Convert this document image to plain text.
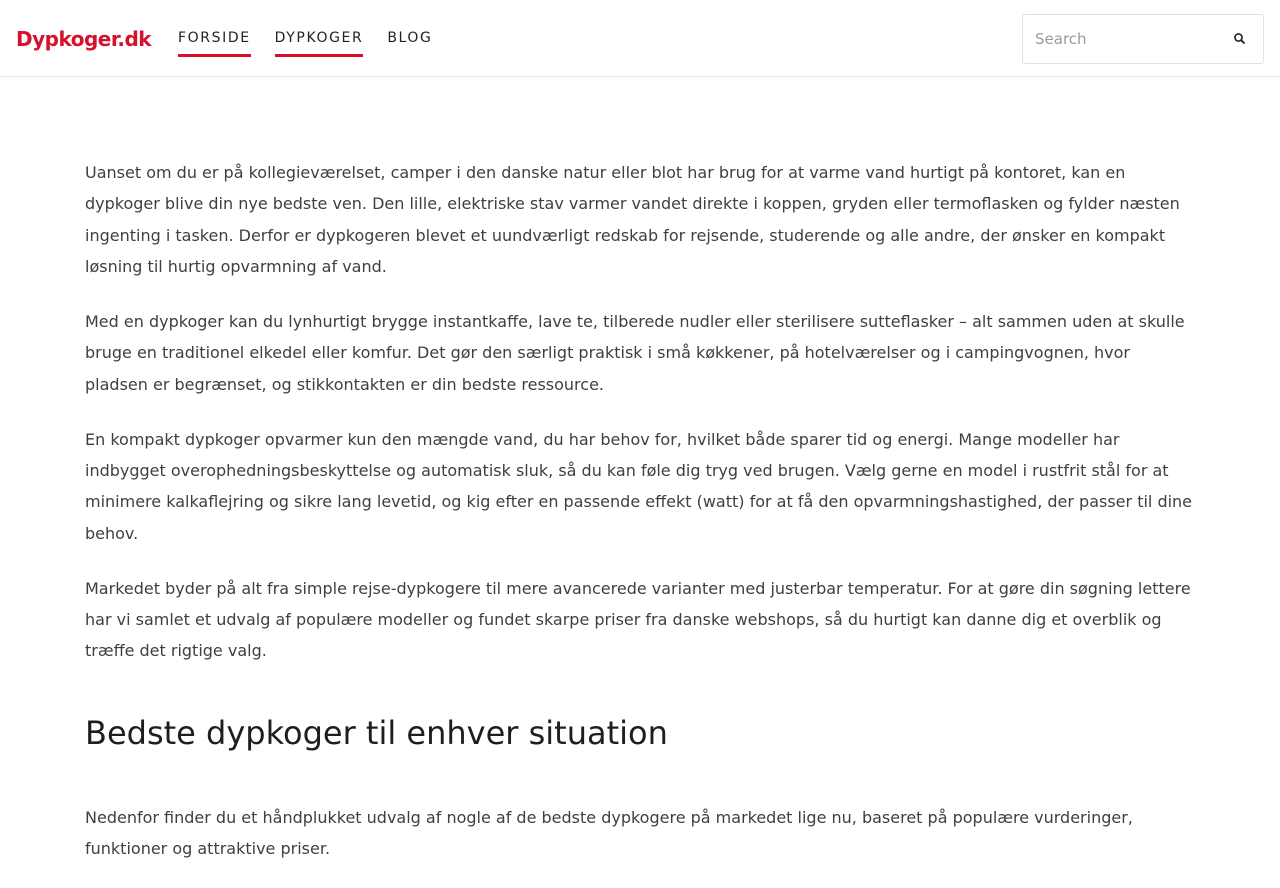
Dypkoger.dk FORSIDE DYPKOGER BLOG
Search

Uanset om du er på kollegieværelset, camper i den danske natur eller blot har brug for at varme vand hurtigt på kontoret, kan en dypkoger blive din nye bedste ven. Den lille, elektriske stav varmer vandet direkte i koppen, gryden eller termoflasken og fylder næsten ingenting i tasken. Derfor er dypkogeren blevet et uundværligt redskab for rejsende, studerende og alle andre, der ønsker en kompakt løsning til hurtig opvarmning af vand.

Med en dypkoger kan du lynhurtigt brygge instantkaffe, lave te, tilberede nudler eller sterilisere sutteflasker – alt sammen uden at skulle bruge en traditionel elkedel eller komfur. Det gør den særligt praktisk i små køkkener, på hotelværelser og i campingvognen, hvor pladsen er begrænset, og stikkontakten er din bedste ressource.

En kompakt dypkoger opvarmer kun den mængde vand, du har behov for, hvilket både sparer tid og energi. Mange modeller har indbygget overophedningsbeskyttelse og automatisk sluk, så du kan føle dig tryg ved brugen. Vælg gerne en model i rustfrit stål for at minimere kalkaflejring og sikre lang levetid, og kig efter en passende effekt (watt) for at få den opvarmningshastighed, der passer til dine behov.

Markedet byder på alt fra simple rejse-dypkogere til mere avancerede varianter med justerbar temperatur. For at gøre din søgning lettere har vi samlet et udvalg af populære modeller og fundet skarpe priser fra danske webshops, så du hurtigt kan danne dig et overblik og træffe det rigtige valg.

Bedste dypkoger til enhver situation

Nedenfor finder du et håndplukket udvalg af nogle af de bedste dypkogere på markedet lige nu, baseret på populære vurderinger, funktioner og attraktive priser.
